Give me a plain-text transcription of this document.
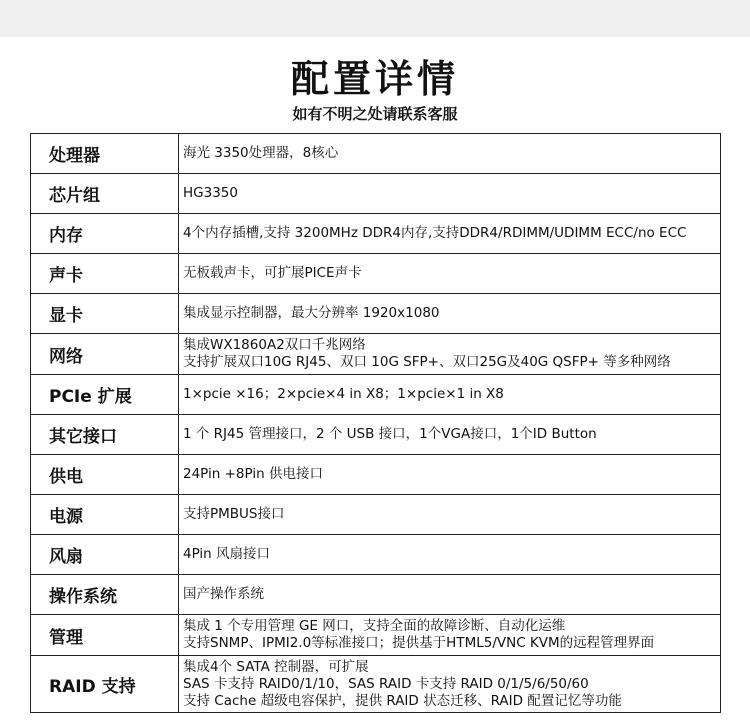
配置详情
如有不明之处请联系客服
处理器	海光 3350处理器，8核心

芯片组	HG3350

内存	4个内存插槽,支持 3200MHz DDR4内存,支持DDR4/RDIMM/UDIMM ECC/no ECC

声卡	无板载声卡，可扩展PICE声卡

显卡	集成显示控制器，最大分辨率 1920x1080

网络	集成WX1860A2双口千兆网络
支持扩展双口10G RJ45、双口 10G SFP+、双口25G及40G QSFP+ 等多种网络

PCIe 扩展	1×pcie ×16；2×pcie×4 in X8；1×pcie×1 in X8

其它接口	1 个 RJ45 管理接口，2 个 USB 接口，1个VGA接口，1个ID Button

供电	24Pin +8Pin 供电接口

电源	支持PMBUS接口

风扇	4Pin 风扇接口

操作系统	国产操作系统

管理	集成 1 个专用管理 GE 网口，支持全面的故障诊断、自动化运维
支持SNMP、IPMI2.0等标准接口；提供基于HTML5/VNC KVM的远程管理界面

RAID 支持	集成4个 SATA 控制器，可扩展
SAS 卡支持 RAID0/1/10，SAS RAID 卡支持 RAID 0/1/5/6/50/60
支持 Cache 超级电容保护，提供 RAID 状态迁移、RAID 配置记忆等功能
